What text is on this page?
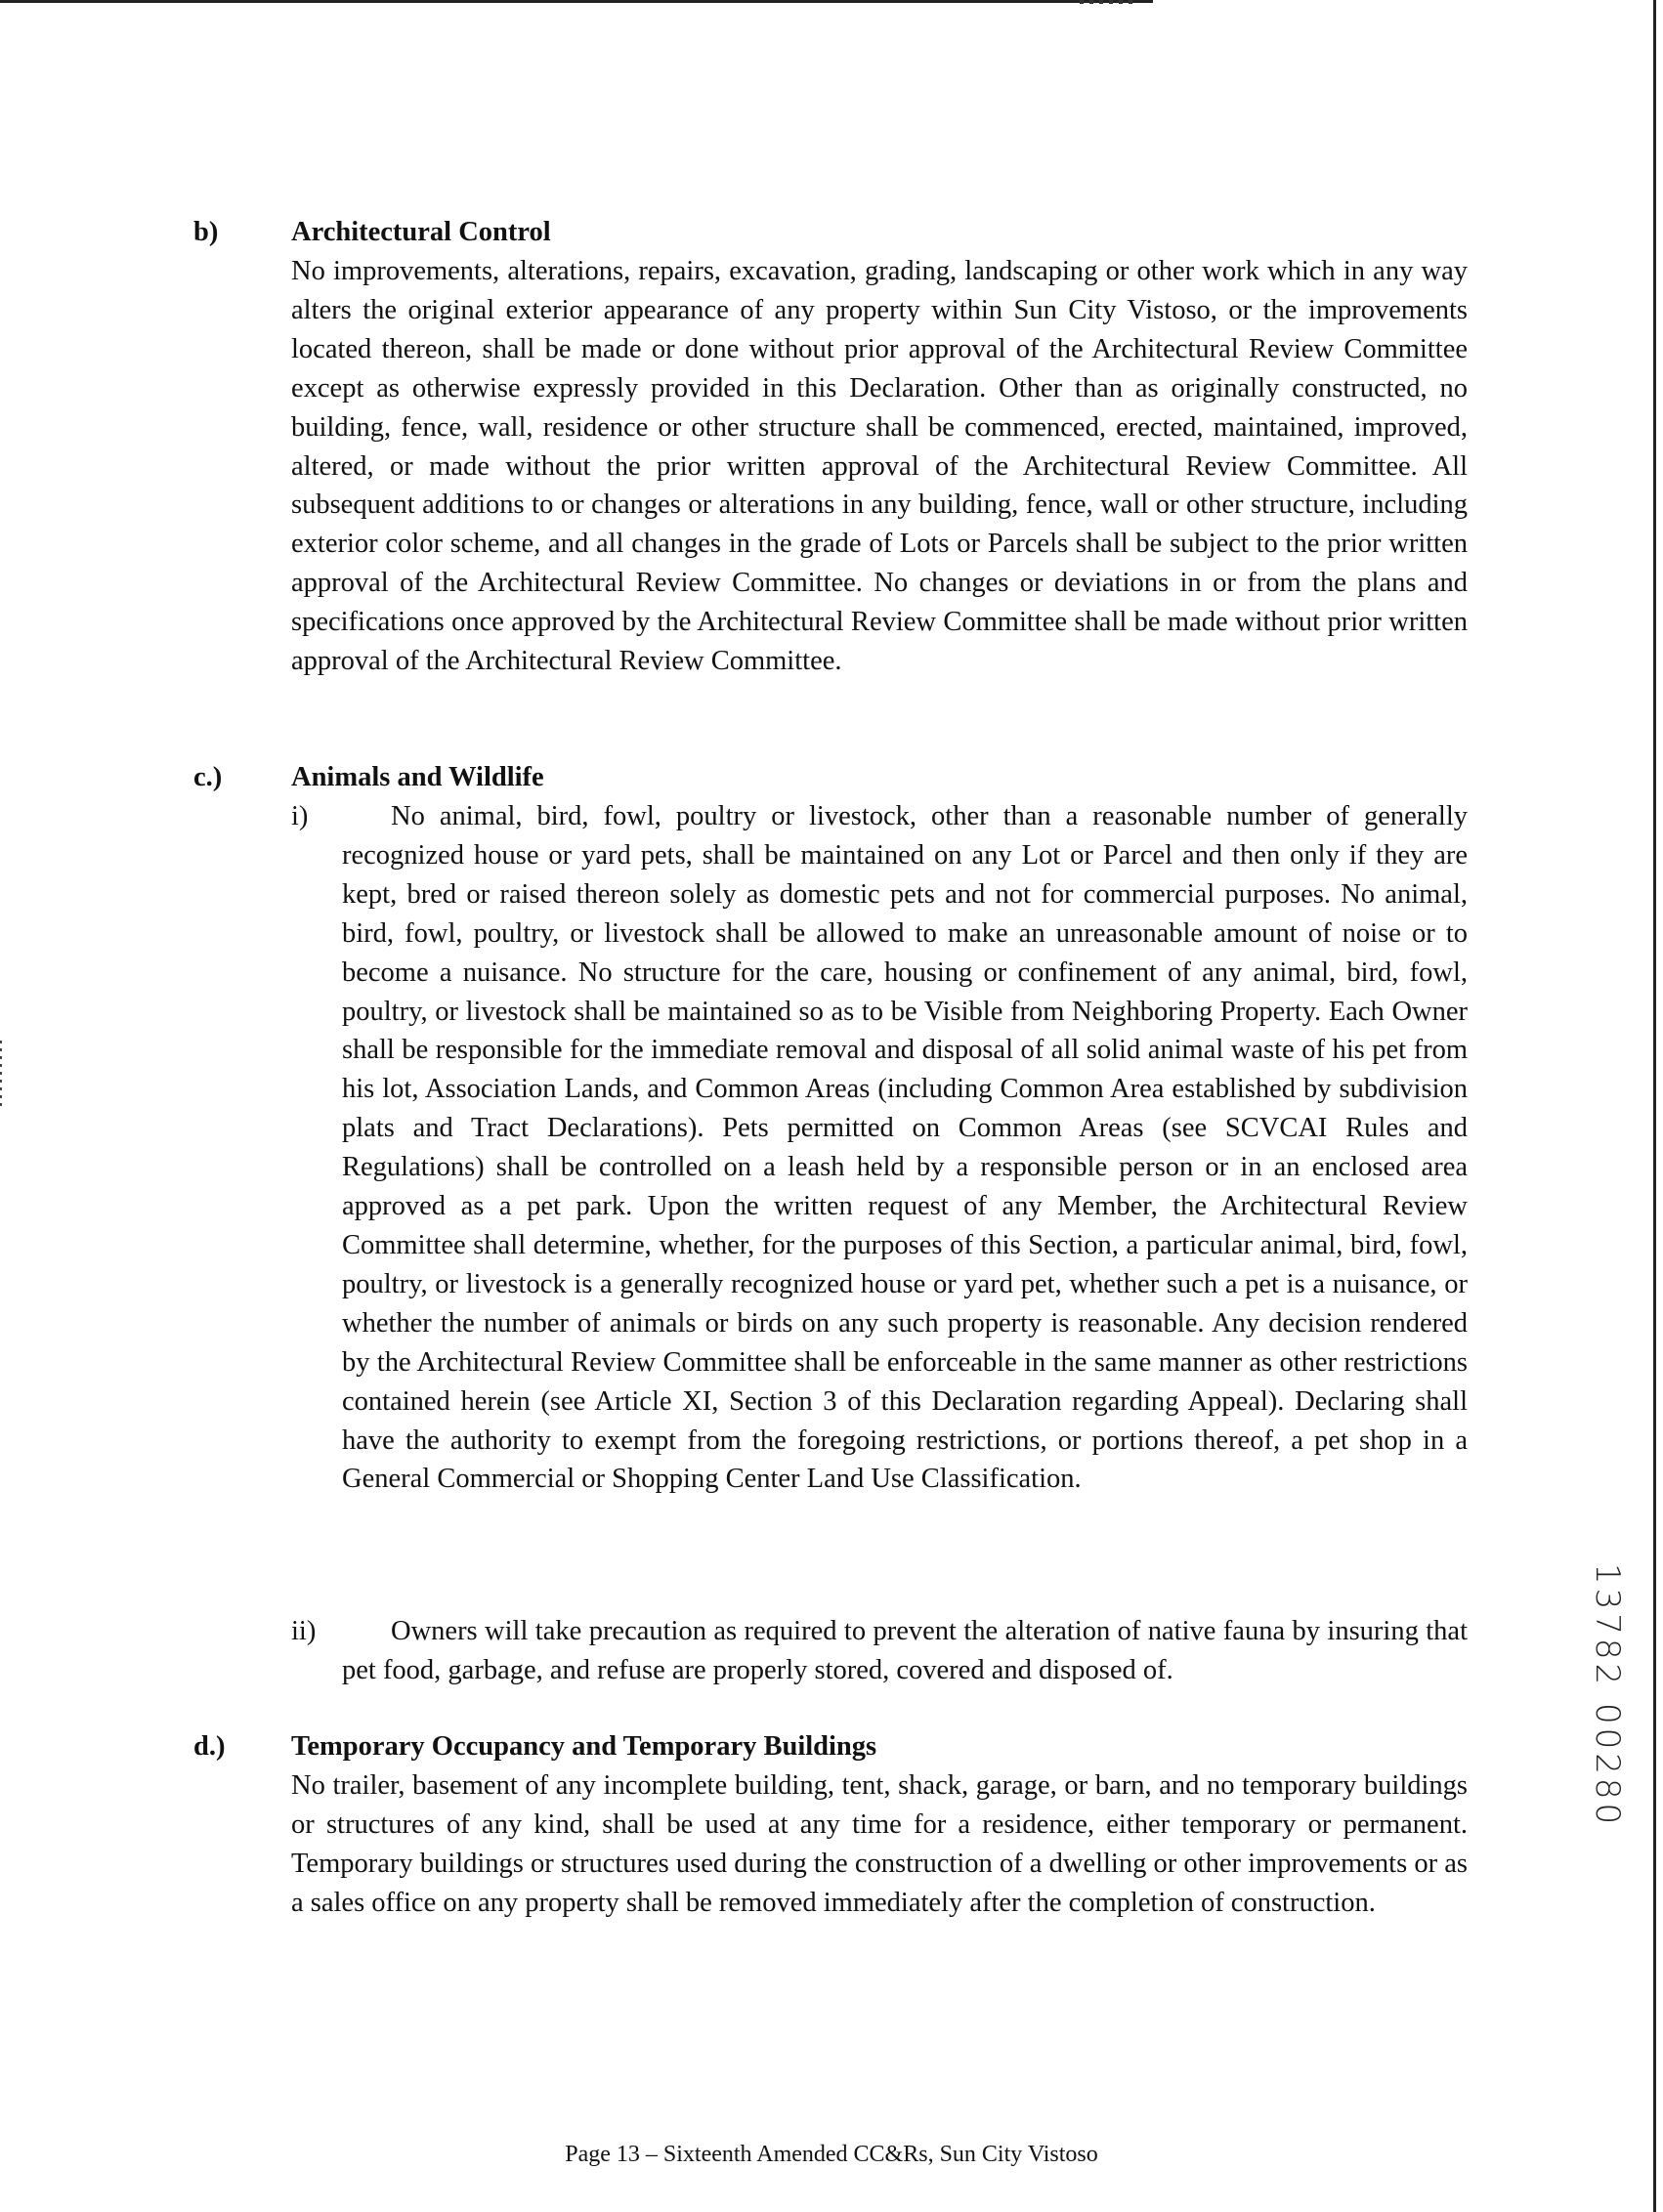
b)	Architectural Control
No improvements, alterations, repairs, excavation, grading, landscaping or other work which in any way alters the original exterior appearance of any property within Sun City Vistoso, or the improvements located thereon, shall be made or done without prior approval of the Architectural Review Committee except as otherwise expressly provided in this Declaration. Other than as originally constructed, no building, fence, wall, residence or other structure shall be commenced, erected, maintained, improved, altered, or made without the prior written approval of the Architectural Review Committee. All subsequent additions to or changes or alterations in any building, fence, wall or other structure, including exterior color scheme, and all changes in the grade of Lots or Parcels shall be subject to the prior written approval of the Architectural Review Committee. No changes or deviations in or from the plans and specifications once approved by the Architectural Review Committee shall be made without prior written approval of the Architectural Review Committee.
c.) Animals and Wildlife
i)	No animal, bird, fowl, poultry or livestock, other than a reasonable number of generally recognized house or yard pets, shall be maintained on any Lot or Parcel and then only if they are kept, bred or raised thereon solely as domestic pets and not for commercial purposes. No animal, bird, fowl, poultry, or livestock shall be allowed to make an unreasonable amount of noise or to become a nuisance. No structure for the care, housing or confinement of any animal, bird, fowl, poultry, or livestock shall be maintained so as to be Visible from Neighboring Property. Each Owner shall be responsible for the immediate removal and disposal of all solid animal waste of his pet from his lot, Association Lands, and Common Areas (including Common Area established by subdivision plats and Tract Declarations). Pets permitted on Common Areas (see SCVCAI Rules and Regulations) shall be controlled on a leash held by a responsible person or in an enclosed area approved as a pet park. Upon the written request of any Member, the Architectural Review Committee shall determine, whether, for the purposes of this Section, a particular animal, bird, fowl, poultry, or livestock is a generally recognized house or yard pet, whether such a pet is a nuisance, or whether the number of animals or birds on any such property is reasonable. Any decision rendered by the Architectural Review Committee shall be enforceable in the same manner as other restrictions contained herein (see Article XI, Section 3 of this Declaration regarding Appeal). Declaring shall have the authority to exempt from the foregoing restrictions, or portions thereof, a pet shop in a General Commercial or Shopping Center Land Use Classification.
ii)	Owners will take precaution as required to prevent the alteration of native fauna by insuring that pet food, garbage, and refuse are properly stored, covered and disposed of.
d.) Temporary Occupancy and Temporary Buildings
No trailer, basement of any incomplete building, tent, shack, garage, or barn, and no temporary buildings or structures of any kind, shall be used at any time for a residence, either temporary or permanent. Temporary buildings or structures used during the construction of a dwelling or other improvements or as a sales office on any property shall be removed immediately after the completion of construction.
13782 00280
Page 13 – Sixteenth Amended CC&Rs, Sun City Vistoso
